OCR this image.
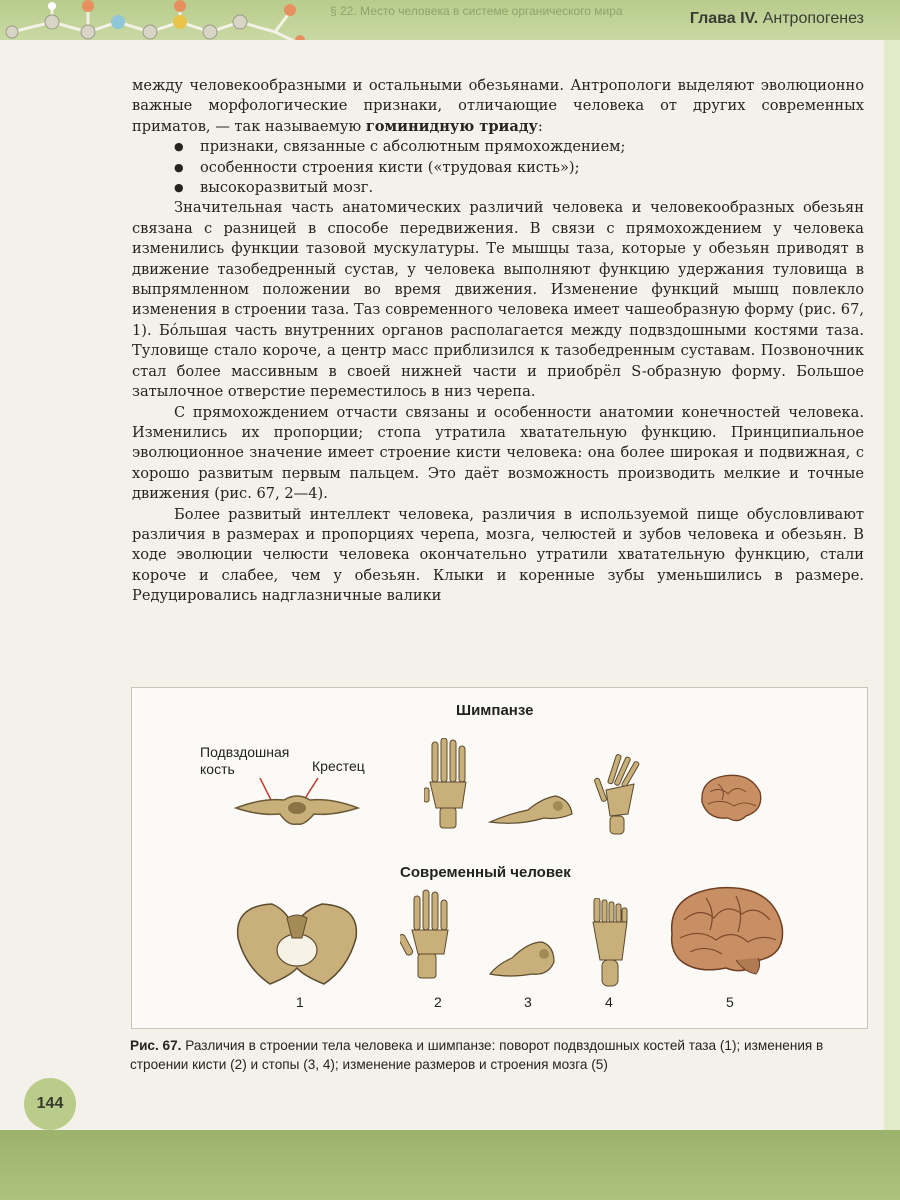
§ 22. Место человека в системе органического мира	Глава IV. Антропогенез

между человекообразными и остальными обезьянами. Антропологи выделяют эволюционно важные морфологические признаки, отличающие человека от других современных приматов, — так называемую гоминидную триаду:

● признаки, связанные с абсолютным прямохождением;
● особенности строения кисти («трудовая кисть»);
● высокоразвитый мозг.

Значительная часть анатомических различий человека и человекообразных обезьян связана с разницей в способе передвижения. В связи с прямохождением у человека изменились функции тазовой мускулатуры. Те мышцы таза, которые у обезьян приводят в движение тазобедренный сустав, у человека выполняют функцию удержания туловища в выпрямленном положении во время движения. Изменение функций мышц повлекло изменения в строении таза. Таз современного человека имеет чашеобразную форму (рис. 67, 1). Бóльшая часть внутренних органов располагается между подвздошными костями таза. Туловище стало короче, а центр масс приблизился к тазобедренным суставам. Позвоночник стал более массивным в своей нижней части и приобрёл S-образную форму. Большое затылочное отверстие переместилось в низ черепа.

С прямохождением отчасти связаны и особенности анатомии конечностей человека. Изменились их пропорции; стопа утратила хватательную функцию. Принципиальное эволюционное значение имеет строение кисти человека: она более широкая и подвижная, с хорошо развитым первым пальцем. Это даёт возможность производить мелкие и точные движения (рис. 67, 2—4).

Более развитый интеллект человека, различия в используемой пище обусловливают различия в размерах и пропорциях черепа, мозга, челюстей и зубов человека и обезьян. В ходе эволюции челюсти человека окончательно утратили хватательную функцию, стали короче и слабее, чем у обезьян. Клыки и коренные зубы уменьшились в размере. Редуцировались надглазничные валики

Шимпанзе
Современный человек
Подвздошная
кость	Крестец
1	2	3	4	5
Рис. 67. Различия в строении тела человека и шимпанзе: поворот подвздошных костей таза (1); изменения в строении кисти (2) и стопы (3, 4); изменение размеров и строения мозга (5)
144
